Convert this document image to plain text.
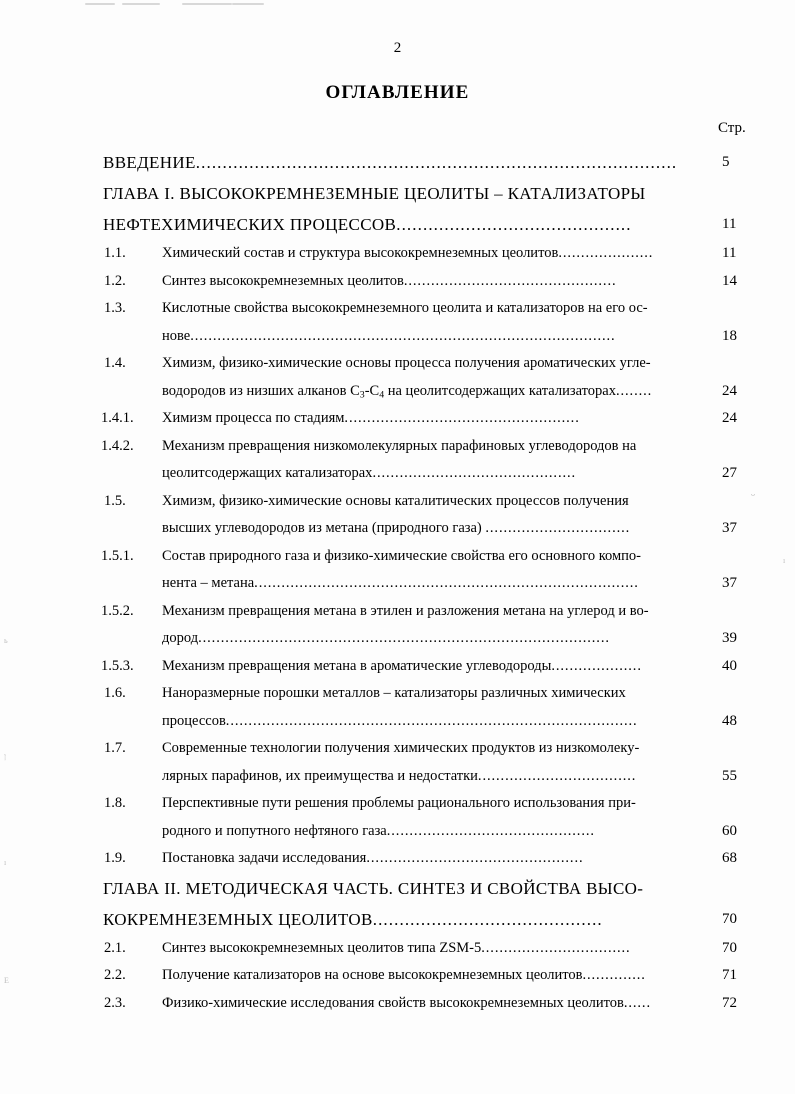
ь
ן
ı
Е
ᴗ
ı
2
ОГЛАВЛЕНИЕ
Стр.
ВВЕДЕНИЕ..........................................................................................	5
ГЛАВА I. ВЫСОКОКРЕМНЕЗЕМНЫЕ ЦЕОЛИТЫ – КАТАЛИЗАТОРЫ
НЕФТЕХИМИЧЕСКИХ ПРОЦЕССОВ............................................	11
1.1.	Химический состав и структура высококремнеземных цеолитов.....................	11
1.2.	Синтез высококремнеземных цеолитов...............................................	14
1.3.	Кислотные свойства высококремнеземного цеолита и катализаторов на его ос-
нове..............................................................................................	18
1.4.	Химизм, физико-химические основы процесса получения ароматических угле-
водородов из низших алканов $С_3-С_4$ на цеолитсодержащих катализаторах........	24
1.4.1. Химизм процесса по стадиям....................................................	24
1.4.2. Механизм превращения низкомолекулярных парафиновых углеводородов на
цеолитсодержащих катализаторах.............................................	27
1.5.	Химизм, физико-химические основы каталитических процессов получения
высших углеводородов из метана (природного газа) ................................	37
1.5.1. Состав природного газа и физико-химические свойства его основного компо-
нента – метана.....................................................................................	37
1.5.2. Механизм превращения метана в этилен и разложения метана на углерод и во-
дород...........................................................................................	39
1.5.3. Механизм превращения метана в ароматические углеводороды....................	40
1.6.	Наноразмерные порошки металлов – катализаторы различных химических
процессов...........................................................................................	48
1.7.	Современные технологии получения химических продуктов из низкомолеку-
лярных парафинов, их преимущества и недостатки...................................	55
1.8.	Перспективные пути решения проблемы рационального использования при-
родного и попутного нефтяного газа..............................................	60
1.9.	Постановка задачи исследования................................................	68
ГЛАВА II. МЕТОДИЧЕСКАЯ ЧАСТЬ. СИНТЕЗ И СВОЙСТВА ВЫСО-
КОКРЕМНЕЗЕМНЫХ ЦЕОЛИТОВ...........................................	70
2.1.	Синтез высококремнеземных цеолитов типа ZSM-5.................................	70
2.2.	Получение катализаторов на основе высококремнеземных цеолитов..............	71
2.3.	Физико-химические исследования свойств высококремнеземных цеолитов......	72
